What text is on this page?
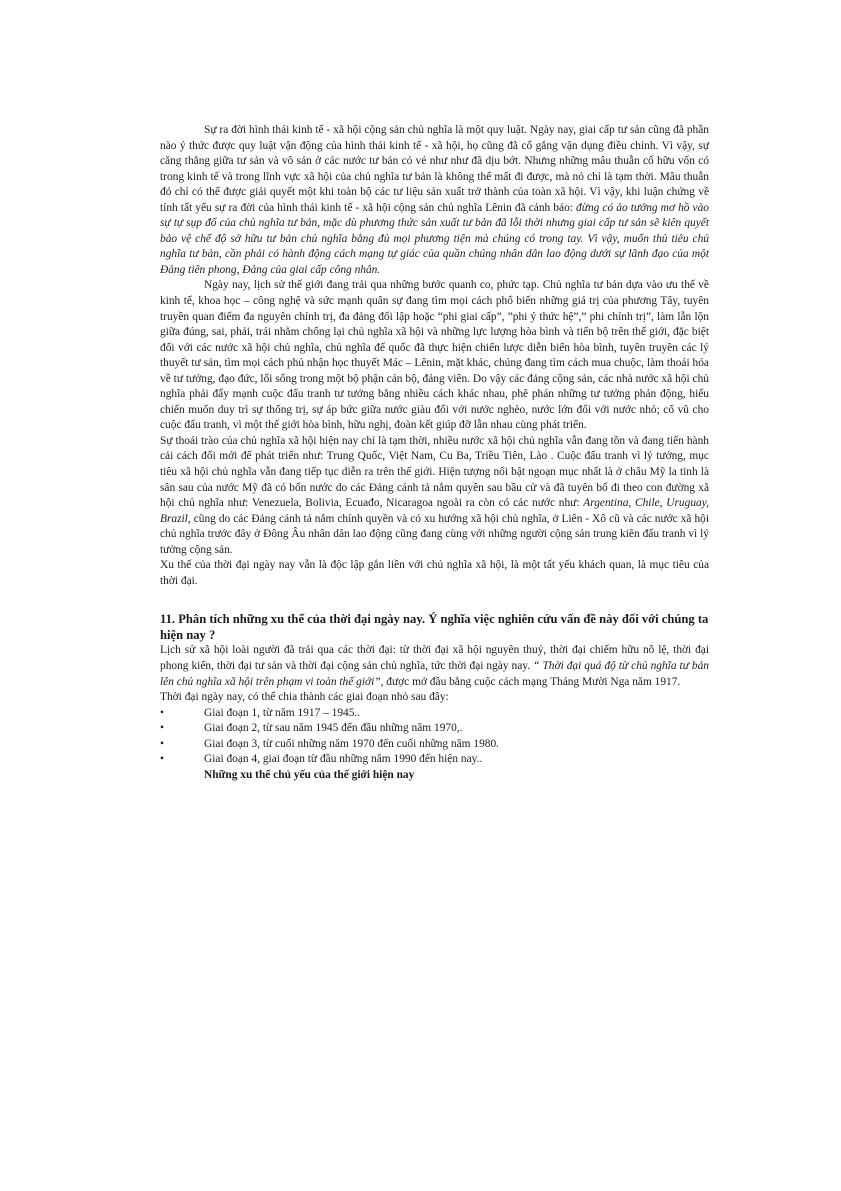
Sự ra đời hình thái kinh tế - xã hội cộng sản chủ nghĩa là một quy luật. Ngày nay, giai cấp tư sản cũng đã phần nào ý thức được quy luật vận động của hình thái kinh tế - xã hội, họ cũng đã cố gắng vận dụng điều chỉnh. Vì vậy, sự căng thẳng giữa tư sản và vô sản ở các nước tư bản có vẻ như như đã dịu bớt. Nhưng những mâu thuẫn cố hữu vốn có trong kinh tế và trong lĩnh vực xã hội của chủ nghĩa tư bản là không thể mất đi được, mà nó chỉ là tạm thời. Mâu thuẫn đó chỉ có thể được giải quyết một khi toàn bộ các tư liệu sản xuất trở thành của toàn xã hội. Vì vậy, khi luận chứng về tính tất yếu sự ra đời của hình thái kinh tế - xã hội cộng sản chủ nghĩa Lênin đã cảnh báo: đừng có ảo tưởng mơ hồ vào sự tự sụp đổ của chủ nghĩa tư bản, mặc dù phương thức sản xuất tư bản đã lỗi thời nhưng giai cấp tư sản sẽ kiên quyết bảo vệ chế độ sở hữu tư bản chủ nghĩa bằng đủ mọi phương tiện mà chúng có trong tay. Vì vậy, muốn thủ tiêu chủ nghĩa tư bản, cần phải có hành động cách mạng tự giác của quần chúng nhân dân lao động dưới sự lãnh đạo của một Đảng tiên phong, Đảng của giai cấp công nhân.

Ngày nay, lịch sử thế giới đang trải qua những bước quanh co, phức tạp. Chủ nghĩa tư bản dựa vào ưu thế về kinh tế, khoa học – công nghệ và sức mạnh quân sự đang tìm mọi cách phổ biến những giá trị của phương Tây, tuyên truyền quan điểm đa nguyên chính trị, đa đảng đối lập hoặc “phi giai cấp”, ”phi ý thức hệ”,” phi chính trị”, làm lẫn lộn giữa đúng, sai, phải, trái nhằm chống lại chủ nghĩa xã hội và những lực lượng hòa bình và tiến bộ trên thế giới, đặc biệt đối với các nước xã hội chủ nghĩa, chủ nghĩa đế quốc đã thực hiện chiến lược diễn biến hòa bình, tuyên truyền các lý thuyết tư sản, tìm mọi cách phủ nhận học thuyết Mác – Lênin, mặt khác, chúng đang tìm cách mua chuộc, làm thoái hóa về tư tưởng, đạo đức, lối sống trong một bộ phận cán bộ, đảng viên. Do vậy các đảng cộng sản, các nhà nước xã hội chủ nghĩa phải đẩy mạnh cuộc đấu tranh tư tưởng bằng nhiều cách khác nhau, phê phán những tư tưởng phản động, hiếu chiến muốn duy trì sự thống trị, sự áp bức giữa nước giàu đối với nước nghèo, nước lớn đối với nước nhỏ; cổ vũ cho cuộc đấu tranh, vì một thế giới hòa bình, hữu nghị, đoàn kết giúp đỡ lẫn nhau cùng phát triển.

Sự thoái trào của chủ nghĩa xã hội hiện nay chỉ là tạm thời, nhiều nước xã hội chủ nghĩa vẫn đang tồn và đang tiến hành cải cách đổi mới để phát triển như: Trung Quốc, Việt Nam, Cu Ba, Triều Tiên, Lào . Cuộc đấu tranh vì lý tưởng, mục tiêu xã hội chủ nghĩa vẫn đang tiếp tục diễn ra trên thế giới. Hiện tượng nổi bật ngoạn mục nhất là ở châu Mỹ la tinh là sân sau của nước Mỹ đã có bốn nước do các Đảng cánh tả nắm quyền sau bầu cử và đã tuyên bố đi theo con đường xã hội chủ nghĩa như: Venezuela, Bolivia, Ecuađo, Nicaragoa ngoài ra còn có các nước như: Argentina, Chile, Uruguay, Brazil, cũng do các Đảng cánh tả nắm chính quyền và có xu hướng xã hội chủ nghĩa, ở Liên - Xô cũ và các nước xã hội chủ nghĩa trước đây ở Đông Âu nhân dân lao động cũng đang cùng với những người cộng sản trung kiên đấu tranh vì lý tưởng cộng sản.

Xu thế của thời đại ngày nay vẫn là độc lập gắn liền với chủ nghĩa xã hội, là một tất yếu khách quan, là mục tiêu của thời đại.

11. Phân tích những xu thế của thời đại ngày nay. Ý nghĩa việc nghiên cứu vấn đề này đối với chúng ta hiện nay ?

Lịch sử xã hội loài người đã trải qua các thời đại: từ thời đại xã hội nguyên thuỷ, thời đại chiếm hữu nô lệ, thời đại phong kiến, thời đại tư sản và thời đại cộng sản chủ nghĩa, tức thời đại ngày nay. “ Thời đại quá độ từ chủ nghĩa tư bản lên chủ nghĩa xã hội trên phạm vi toàn thế giới”, được mở đầu bằng cuộc cách mạng Tháng Mười Nga năm 1917.

Thời đại ngày nay, có thể chia thành các giai đoạn nhỏ sau đây:

•	Giai đoạn 1, từ năm 1917 – 1945..
•	Giai đoạn 2, từ sau năm 1945 đến đầu những năm 1970,.
•	Giai đoạn 3, từ cuối những năm 1970 đến cuối những năm 1980.
•	Giai đoạn 4, giai đoạn từ đầu những năm 1990 đến hiện nay..

Những xu thế chủ yếu của thế giới hiện nay
